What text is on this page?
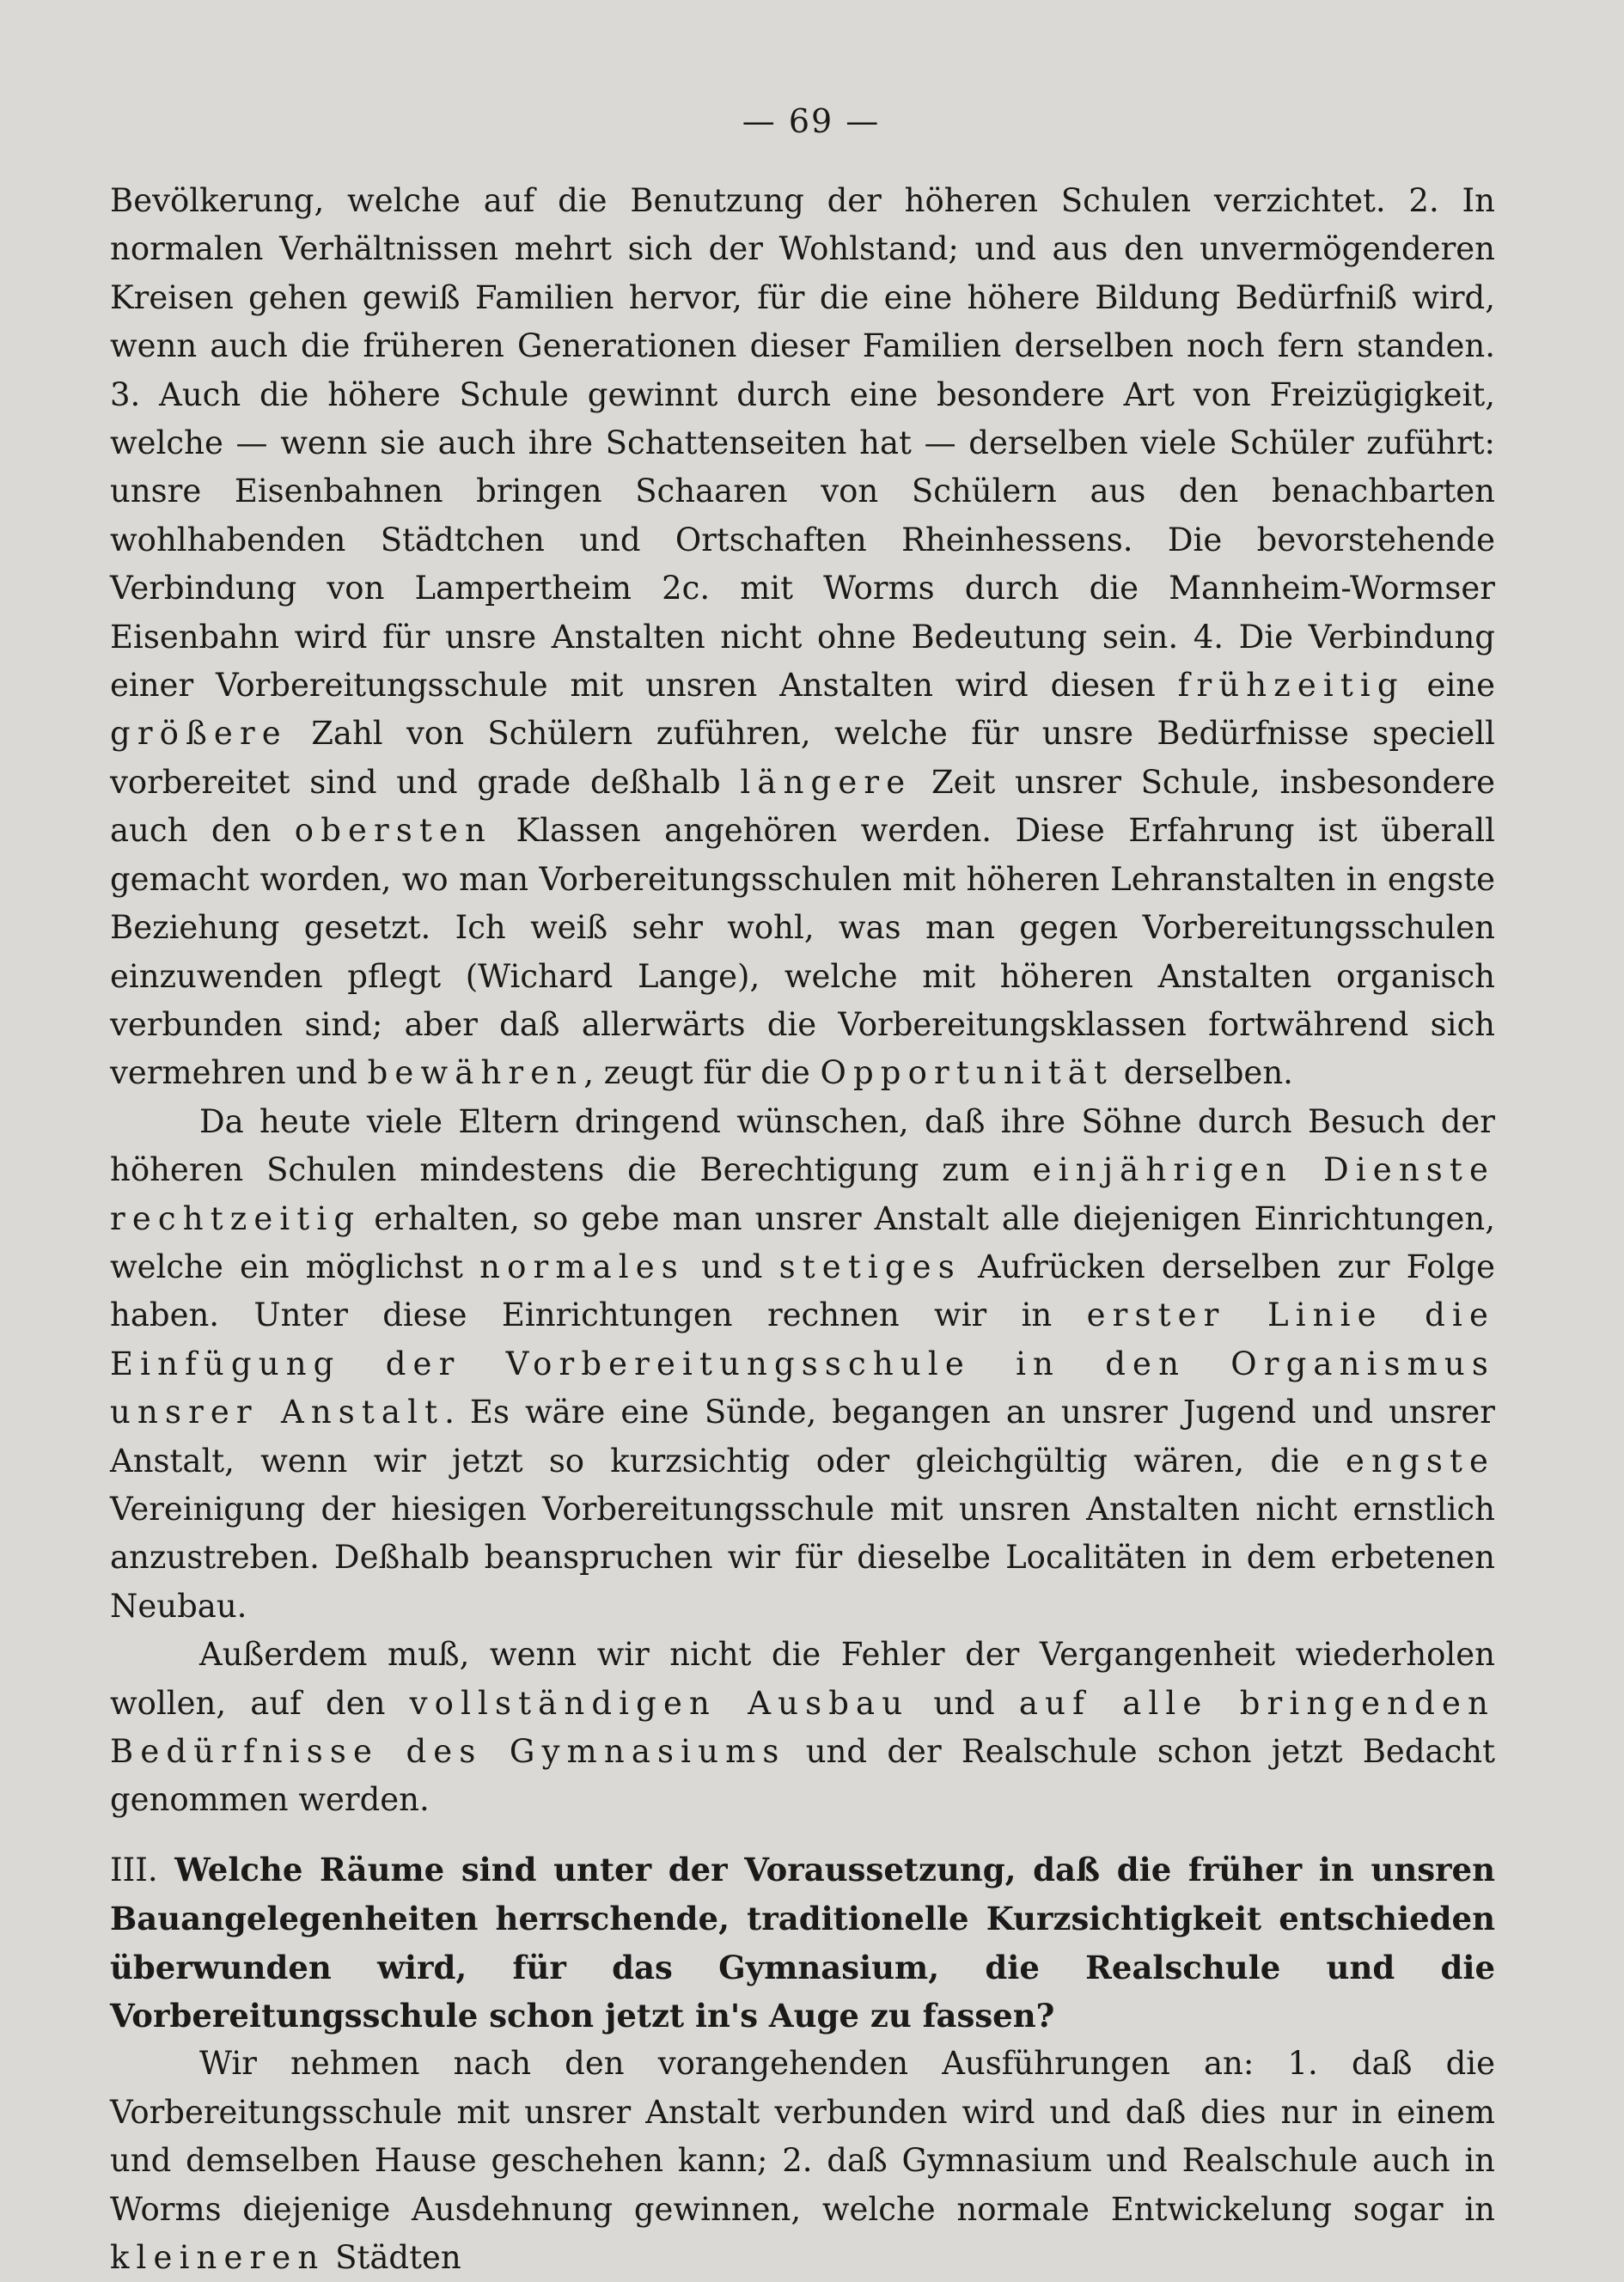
— 69 —

Bevölkerung, welche auf die Benutzung der höheren Schulen verzichtet. 2. In normalen Verhältnissen mehrt sich der Wohlstand; und aus den unvermögenderen Kreisen gehen gewiß Familien hervor, für die eine höhere Bildung Bedürfniß wird, wenn auch die früheren Generationen dieser Familien derselben noch fern standen. 3. Auch die höhere Schule gewinnt durch eine besondere Art von Freizügigkeit, welche — wenn sie auch ihre Schattenseiten hat — derselben viele Schüler zuführt: unsre Eisenbahnen bringen Schaaren von Schülern aus den benachbarten wohlhabenden Städtchen und Ortschaften Rheinhessens. Die bevorstehende Verbindung von Lampertheim 2c. mit Worms durch die Mannheim-Wormser Eisenbahn wird für unsre Anstalten nicht ohne Bedeutung sein. 4. Die Verbindung einer Vorbereitungsschule mit unsren Anstalten wird diesen frühzeitig eine größere Zahl von Schülern zuführen, welche für unsre Bedürfnisse speciell vorbereitet sind und grade deßhalb längere Zeit unsrer Schule, insbesondere auch den obersten Klassen angehören werden. Diese Erfahrung ist überall gemacht worden, wo man Vorbereitungsschulen mit höheren Lehranstalten in engste Beziehung gesetzt. Ich weiß sehr wohl, was man gegen Vorbereitungsschulen einzuwenden pflegt (Wichard Lange), welche mit höheren Anstalten organisch verbunden sind; aber daß allerwärts die Vorbereitungsklassen fortwährend sich vermehren und bewähren, zeugt für die Opportunität derselben.

Da heute viele Eltern dringend wünschen, daß ihre Söhne durch Besuch der höheren Schulen mindestens die Berechtigung zum einjährigen Dienste rechtzeitig erhalten, so gebe man unsrer Anstalt alle diejenigen Einrichtungen, welche ein möglichst normales und stetiges Aufrücken derselben zur Folge haben. Unter diese Einrichtungen rechnen wir in erster Linie die Einfügung der Vorbereitungsschule in den Organismus unsrer Anstalt. Es wäre eine Sünde, begangen an unsrer Jugend und unsrer Anstalt, wenn wir jetzt so kurzsichtig oder gleichgültig wären, die engste Vereinigung der hiesigen Vorbereitungsschule mit unsren Anstalten nicht ernstlich anzustreben. Deßhalb beanspruchen wir für dieselbe Localitäten in dem erbetenen Neubau.

Außerdem muß, wenn wir nicht die Fehler der Vergangenheit wiederholen wollen, auf den vollständigen Ausbau und auf alle bringenden Bedürfnisse des Gymnasiums und der Realschule schon jetzt Bedacht genommen werden.

III. Welche Räume sind unter der Voraussetzung, daß die früher in unsren Bauangelegenheiten herrschende, traditionelle Kurzsichtigkeit entschieden überwunden wird, für das Gymnasium, die Realschule und die Vorbereitungsschule schon jetzt in's Auge zu fassen?

Wir nehmen nach den vorangehenden Ausführungen an: 1. daß die Vorbereitungsschule mit unsrer Anstalt verbunden wird und daß dies nur in einem und demselben Hause geschehen kann; 2. daß Gymnasium und Realschule auch in Worms diejenige Ausdehnung gewinnen, welche normale Entwickelung sogar in kleineren Städten
